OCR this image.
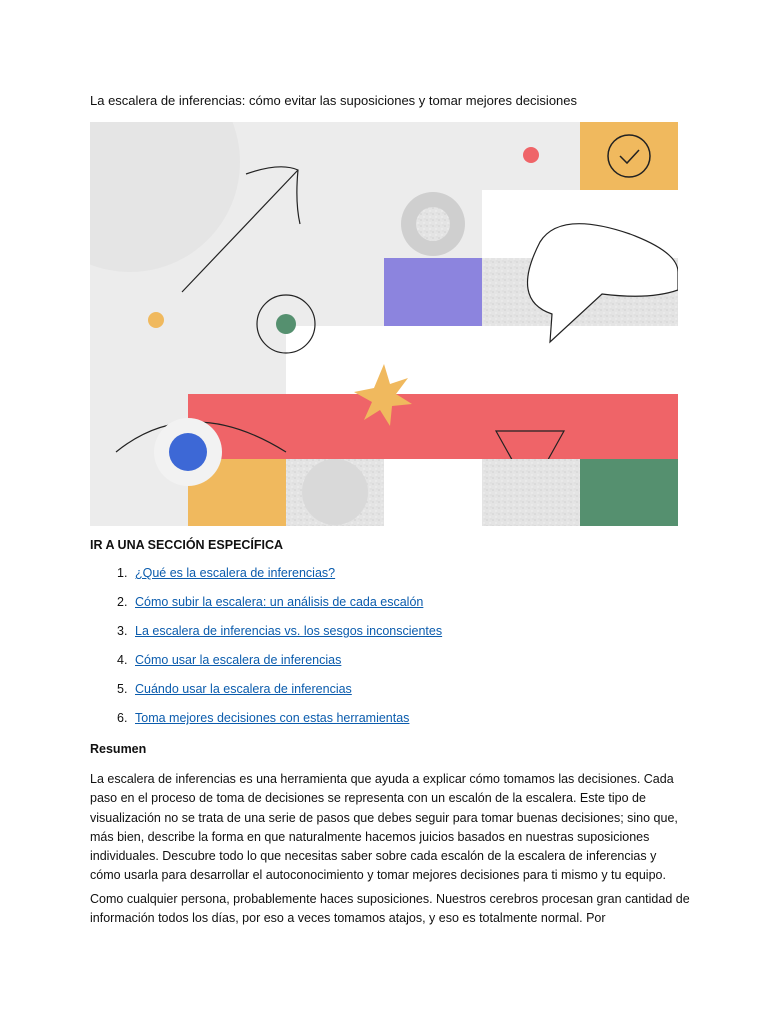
La escalera de inferencias: cómo evitar las suposiciones y tomar mejores decisiones
IR A UNA SECCIÓN ESPECÍFICA
1. ¿Qué es la escalera de inferencias?
2. Cómo subir la escalera: un análisis de cada escalón
3. La escalera de inferencias vs. los sesgos inconscientes
4. Cómo usar la escalera de inferencias
5. Cuándo usar la escalera de inferencias
6. Toma mejores decisiones con estas herramientas
Resumen

La escalera de inferencias es una herramienta que ayuda a explicar cómo tomamos las decisiones. Cada paso en el proceso de toma de decisiones se representa con un escalón de la escalera. Este tipo de visualización no se trata de una serie de pasos que debes seguir para tomar buenas decisiones; sino que, más bien, describe la forma en que naturalmente hacemos juicios basados en nuestras suposiciones individuales. Descubre todo lo que necesitas saber sobre cada escalón de la escalera de inferencias y cómo usarla para desarrollar el autoconocimiento y tomar mejores decisiones para ti mismo y tu equipo.

Como cualquier persona, probablemente haces suposiciones. Nuestros cerebros procesan gran cantidad de información todos los días, por eso a veces tomamos atajos, y eso es totalmente normal. Por
